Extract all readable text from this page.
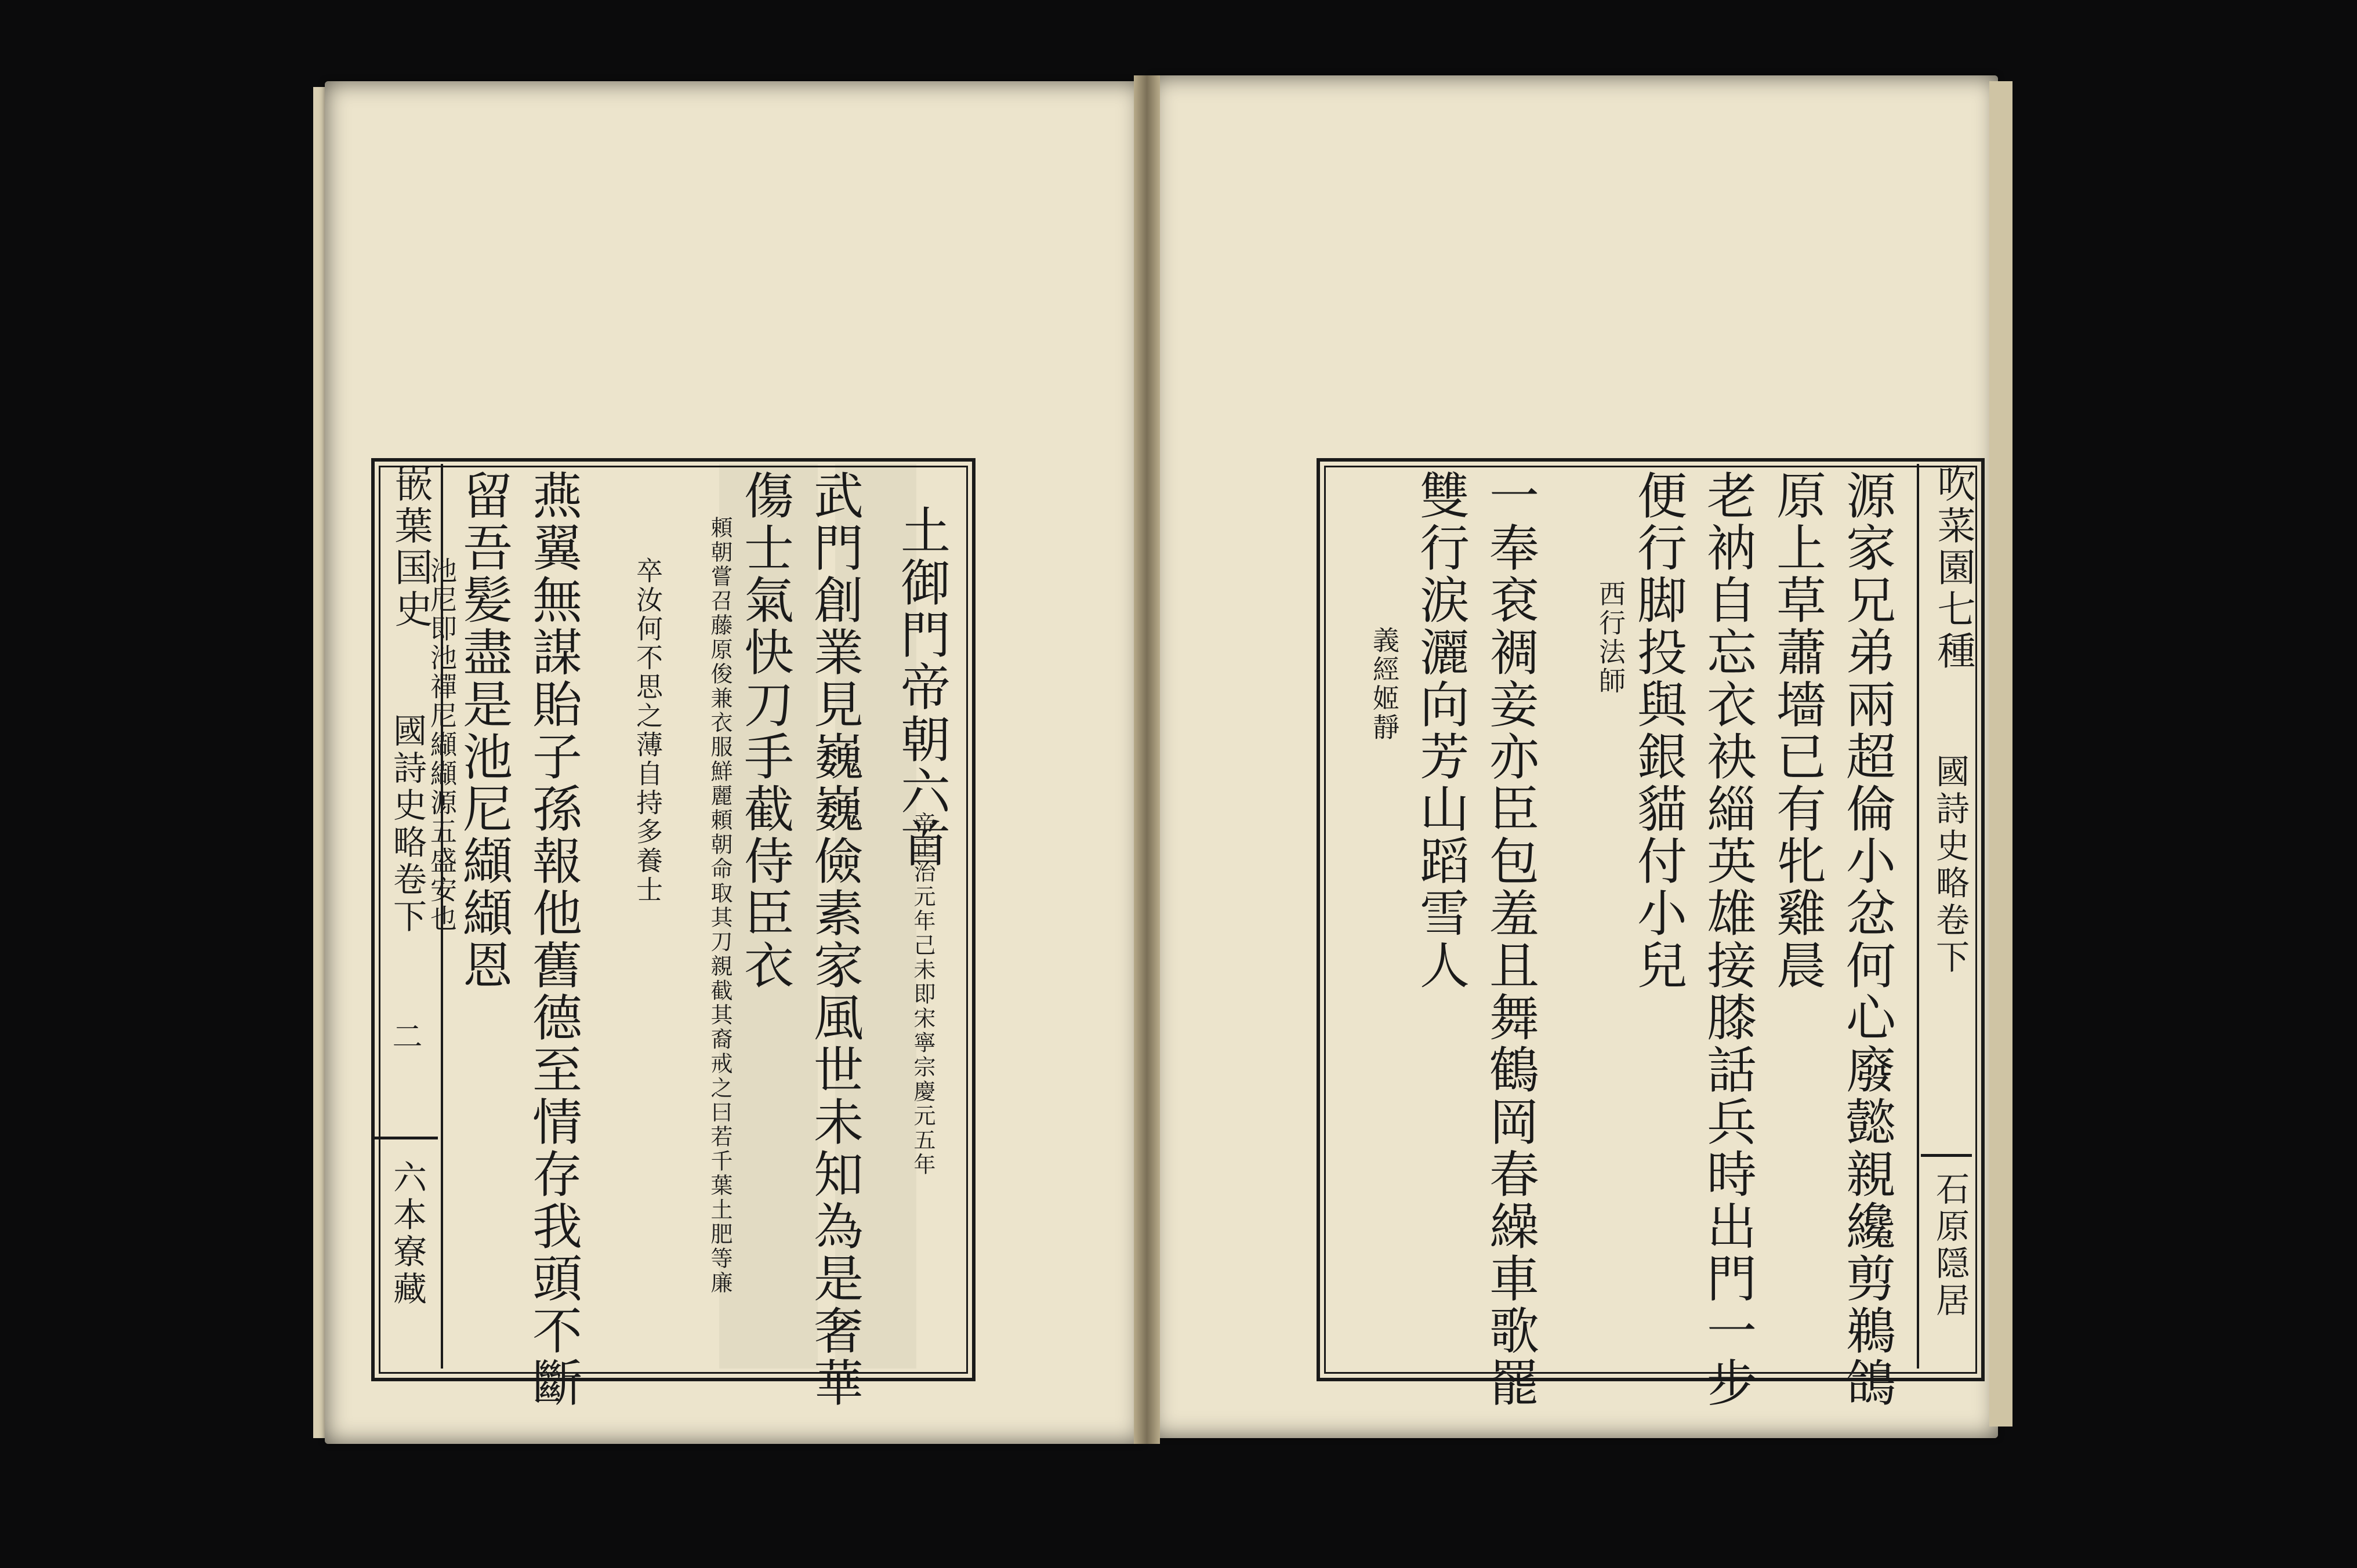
嵌葉国史
國詩史略卷下
二
六本寮藏
土御門帝朝六首
帝正治元年己未即宋寧宗慶元五年
武門創業見巍巍儉素家風世未知為是奢華
傷士氣快刀手截侍臣衣
頼朝嘗召藤原俊兼衣服鮮麗頼朝命取其刀親截其裔戒之曰若千葉土肥等廉
卒汝何不思之薄自持多養士
燕翼無謀貽子孫報他舊德至情存我頭不斷
留吾髪盡是池尼纈纈恩
池尼即池禪尼纈纈源五盛安也	吹菜園七種
國詩史略卷下
石原隠居
源家兄弟兩超倫小忿何心廢懿親纔剪鵜鴿
原上草蕭墻已有牝雞晨
老衲自忘衣袂緇英雄接膝話兵時出門一步
便行脚投與銀貓付小兒
西行法師
一奉袞裯妾亦臣包羞且舞鶴岡春繰車歌罷
雙行涙灑向芳山蹈雪人
義經姬靜
